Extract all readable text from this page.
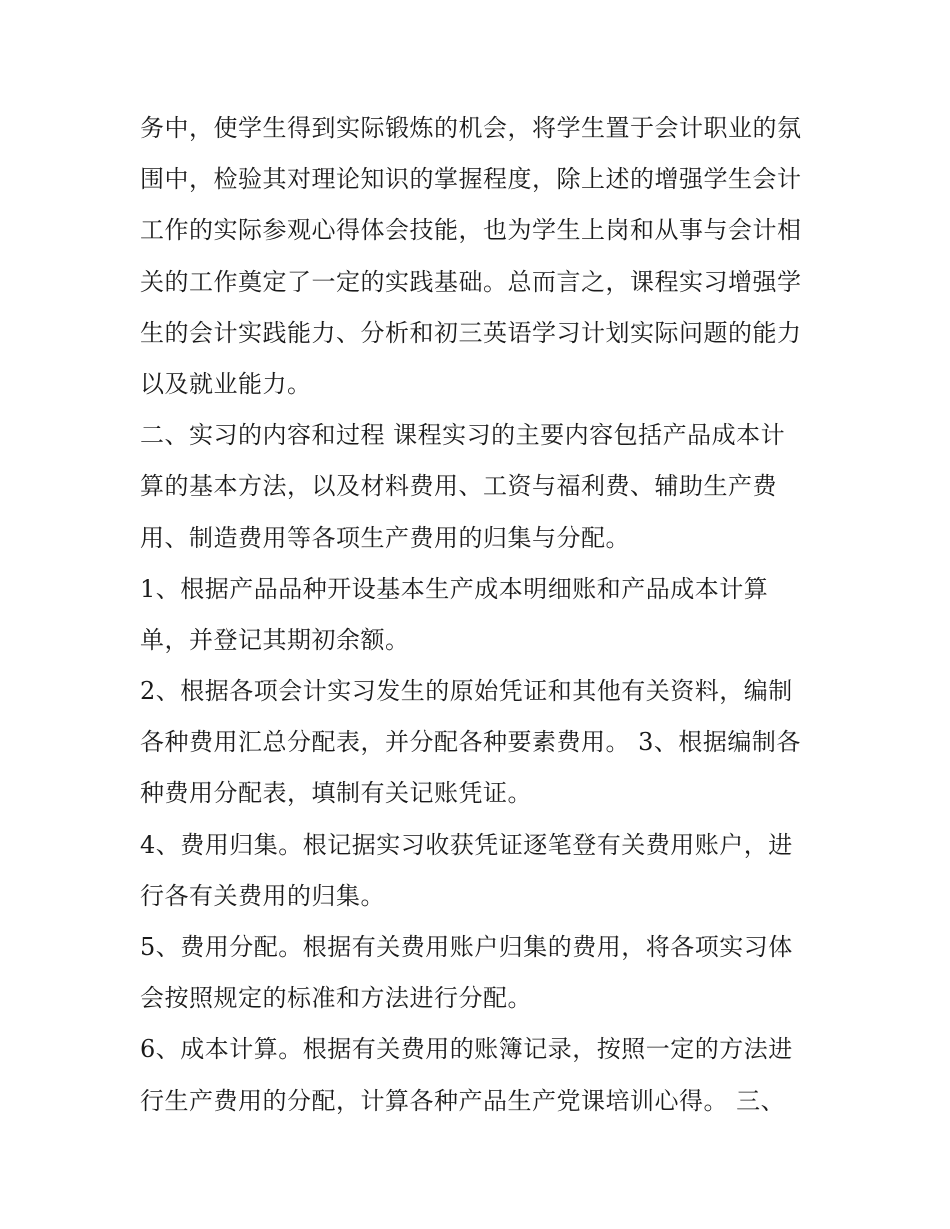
务中，使学生得到实际锻炼的机会，将学生置于会计职业的氛
围中，检验其对理论知识的掌握程度，除上述的增强学生会计
工作的实际参观心得体会技能，也为学生上岗和从事与会计相
关的工作奠定了一定的实践基础。总而言之，课程实习增强学
生的会计实践能力、分析和初三英语学习计划实际问题的能力
以及就业能力。
二、实习的内容和过程 课程实习的主要内容包括产品成本计
算的基本方法，以及材料费用、工资与福利费、辅助生产费
用、制造费用等各项生产费用的归集与分配。
1、根据产品品种开设基本生产成本明细账和产品成本计算
单，并登记其期初余额。
2、根据各项会计实习发生的原始凭证和其他有关资料，编制
各种费用汇总分配表，并分配各种要素费用。 3、根据编制各
种费用分配表，填制有关记账凭证。
4、费用归集。根记据实习收获凭证逐笔登有关费用账户，进
行各有关费用的归集。
5、费用分配。根据有关费用账户归集的费用，将各项实习体
会按照规定的标准和方法进行分配。
6、成本计算。根据有关费用的账簿记录，按照一定的方法进
行生产费用的分配，计算各种产品生产党课培训心得。 三、
